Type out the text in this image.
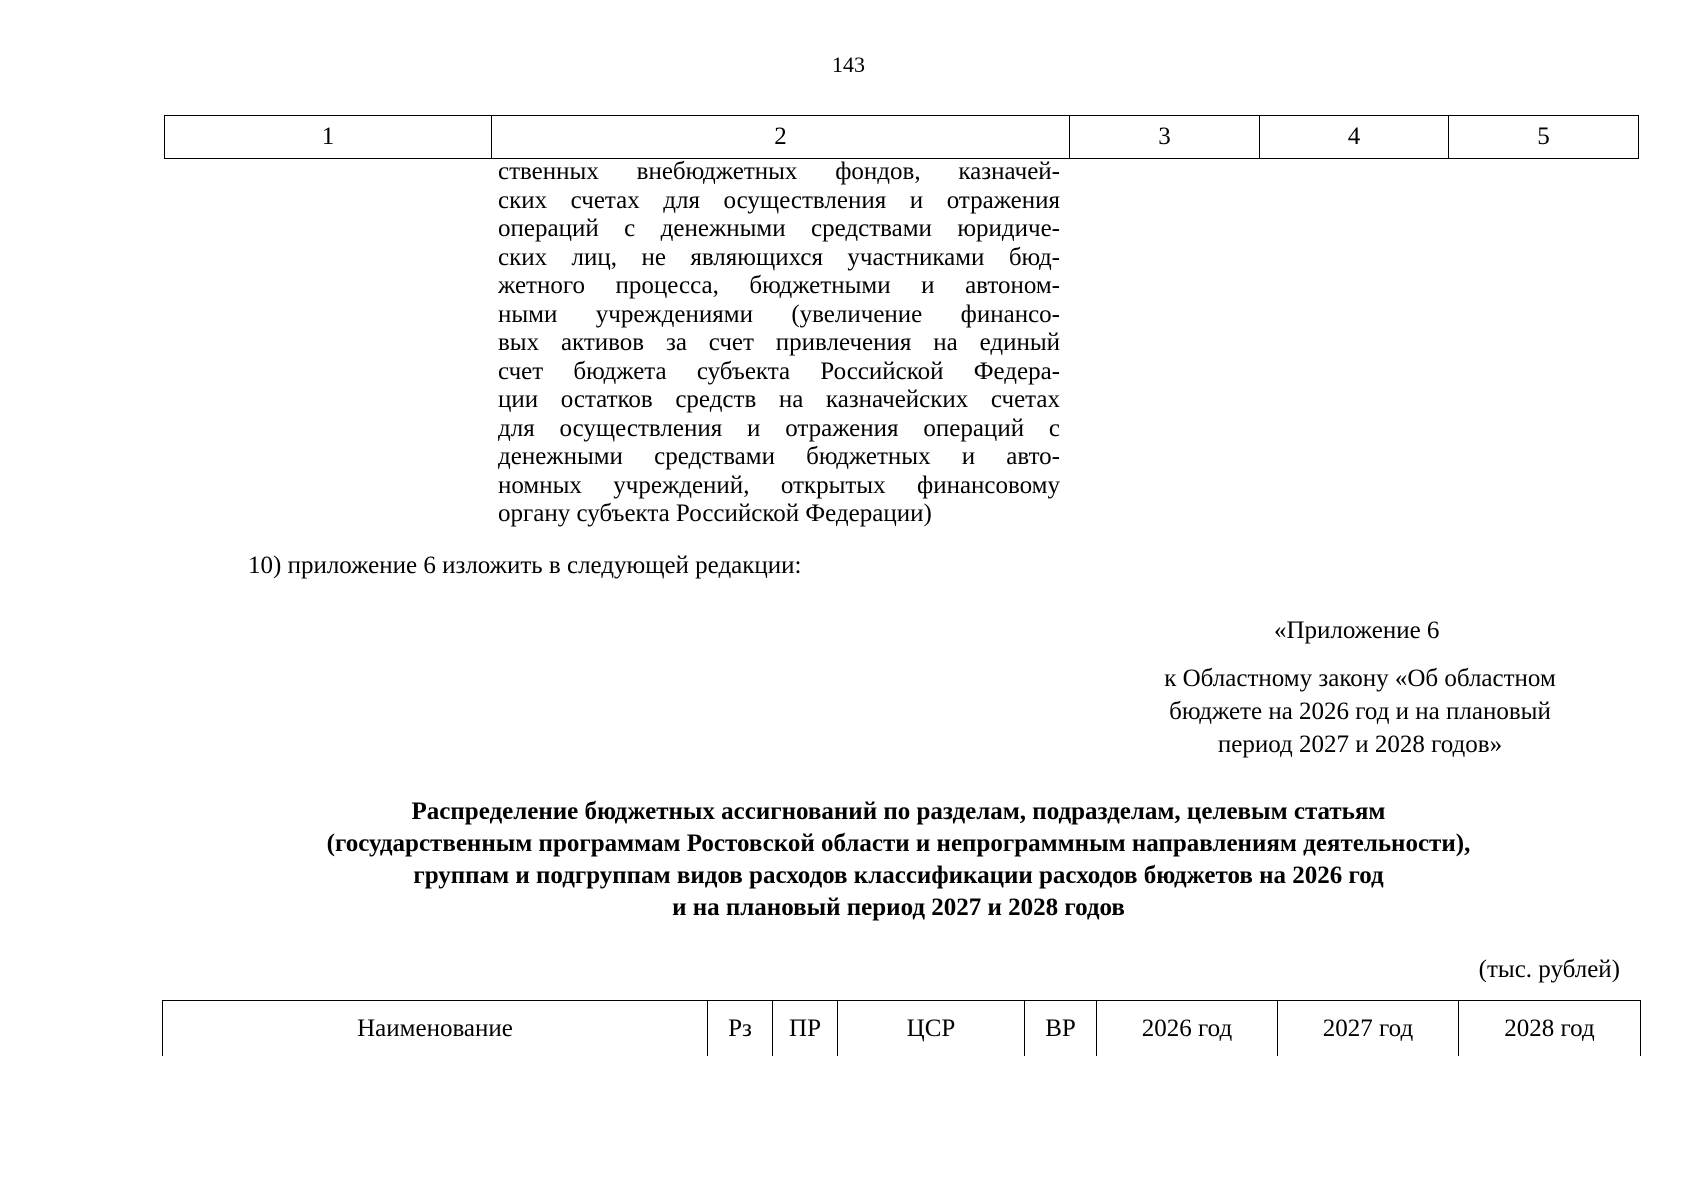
143
1	2	3	4	5
ственных внебюджетных фондов, казначей-
ских счетах для осуществления и отражения
операций с денежными средствами юридиче-
ских лиц, не являющихся участниками бюд-
жетного процесса, бюджетными и автоном-
ными учреждениями (увеличение финансо-
вых активов за счет привлечения на единый
счет бюджета субъекта Российской Федера-
ции остатков средств на казначейских счетах
для осуществления и отражения операций с
денежными средствами бюджетных и авто-
номных учреждений, открытых финансовому
органу субъекта Российской Федерации)
10) приложение 6 изложить в следующей редакции:
«Приложение 6
к Областному закону «Об областном
бюджете на 2026 год и на плановый
период 2027 и 2028 годов»
Распределение бюджетных ассигнований по разделам, подразделам, целевым статьям
(государственным программам Ростовской области и непрограммным направлениям деятельности),
группам и подгруппам видов расходов классификации расходов бюджетов на 2026 год
и на плановый период 2027 и 2028 годов
(тыс. рублей)
Наименование	Рз	ПР	ЦСР	ВР	2026 год	2027 год	2028 год
